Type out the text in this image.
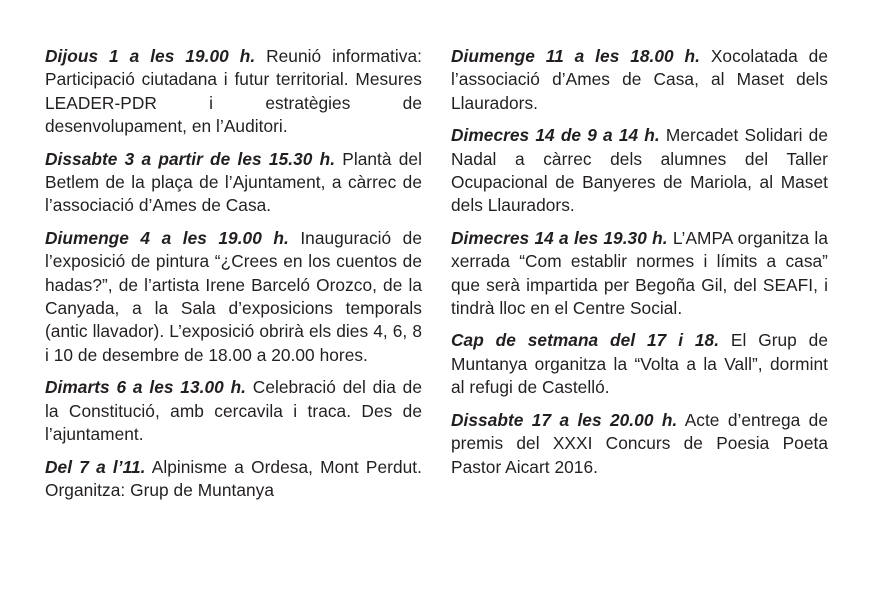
Dijous 1 a les 19.00 h. Reunió informativa: Participació ciutadana i futur territorial. Mesures LEADER-PDR i estratègies de desenvolupament, en l’Auditori.

Dissabte 3 a partir de les 15.30 h. Plantà del Betlem de la plaça de l’Ajuntament, a càrrec de l’associació d’Ames de Casa.

Diumenge 4 a les 19.00 h. Inauguració de l’exposició de pintura “¿Crees en los cuentos de hadas?”, de l’artista Irene Barceló Orozco, de la Canyada, a la Sala d’exposicions temporals (antic llavador). L’exposició obrirà els dies 4, 6, 8 i 10 de desembre de 18.00 a 20.00 hores.

Dimarts 6 a les 13.00 h. Celebració del dia de la Constitució, amb cercavila i traca. Des de l’ajuntament.

Del 7 a l’11. Alpinisme a Ordesa, Mont Perdut. Organitza: Grup de Muntanya

Diumenge 11 a les 18.00 h. Xocolatada de l’associació d’Ames de Casa, al Maset dels Llauradors.

Dimecres 14 de 9 a 14 h. Mercadet Solidari de Nadal a càrrec dels alumnes del Taller Ocupacional de Banyeres de Mariola, al Maset dels Llauradors.

Dimecres 14 a les 19.30 h. L’AMPA organitza la xerrada “Com establir normes i límits a casa” que serà impartida per Begoña Gil, del SEAFI, i tindrà lloc en el Centre Social.

Cap de setmana del 17 i 18. El Grup de Muntanya organitza la “Volta a la Vall”, dormint al refugi de Castelló.

Dissabte 17 a les 20.00 h. Acte d’entrega de premis del XXXI Concurs de Poesia Poeta Pastor Aicart 2016.
